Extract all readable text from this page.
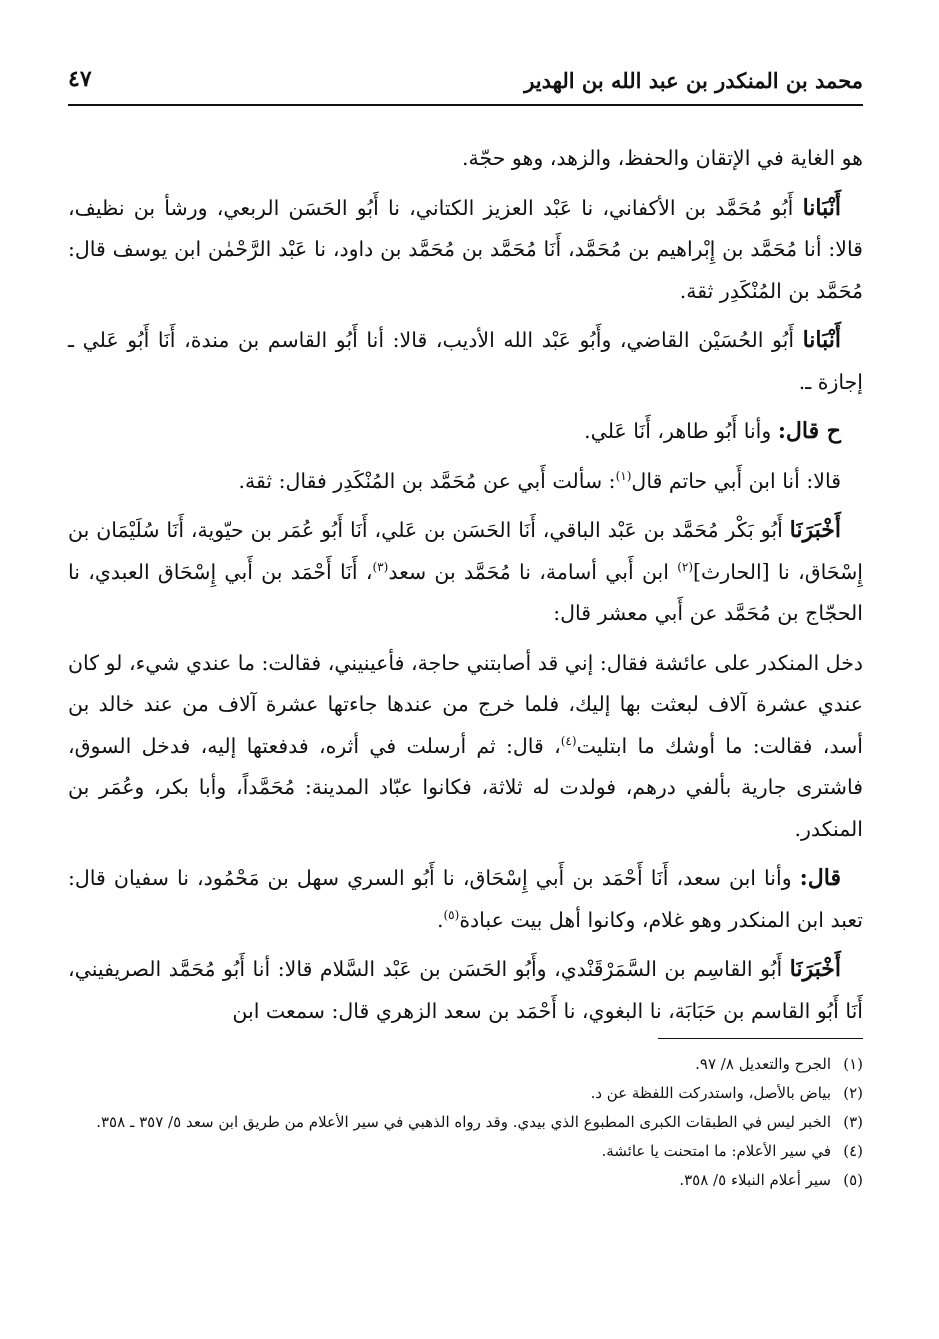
محمد بن المنكدر بن عبد الله بن الهدير
٤٧

هو الغاية في الإتقان والحفظ، والزهد، وهو حجّة.

أَنْبَانا أَبُو مُحَمَّد بن الأكفاني، نا عَبْد العزيز الكتاني، نا أَبُو الحَسَن الربعي، ورشأ بن نظيف، قالا: أنا مُحَمَّد بن إِبْراهيم بن مُحَمَّد، أَنَا مُحَمَّد بن مُحَمَّد بن داود، نا عَبْد الرَّحْمٰن ابن يوسف قال: مُحَمَّد بن المُنْكَدِر ثقة.

أَنْبَانا أَبُو الحُسَيْن القاضي، وأَبُو عَبْد الله الأديب، قالا: أنا أَبُو القاسم بن مندة، أَنَا أَبُو عَلي ـ إجازة ـ.

ح قال: وأنا أَبُو طاهر، أَنَا عَلي.

قالا: أنا ابن أَبي حاتم قال$^{(١)}$: سألت أَبي عن مُحَمَّد بن المُنْكَدِر فقال: ثقة.

أَخْبَرَنَا أَبُو بَكْر مُحَمَّد بن عَبْد الباقي، أَنَا الحَسَن بن عَلي، أَنَا أَبُو عُمَر بن حيّوية، أَنَا سُلَيْمَان بن إِسْحَاق، نا [الحارث]$^{(٢)}$ ابن أَبي أسامة، نا مُحَمَّد بن سعد$^{(٣)}$، أَنَا أَحْمَد بن أَبي إِسْحَاق العبدي، نا الحجّاج بن مُحَمَّد عن أَبي معشر قال:

دخل المنكدر على عائشة فقال: إني قد أصابتني حاجة، فأعينيني، فقالت: ما عندي شيء، لو كان عندي عشرة آلاف لبعثت بها إليك، فلما خرج من عندها جاءتها عشرة آلاف من عند خالد بن أسد، فقالت: ما أوشك ما ابتليت$^{(٤)}$، قال: ثم أرسلت في أثره، فدفعتها إليه، فدخل السوق، فاشترى جارية بألفي درهم، فولدت له ثلاثة، فكانوا عبّاد المدينة: مُحَمَّداً، وأبا بكر، وعُمَر بن المنكدر.

قال: وأنا ابن سعد، أَنَا أَحْمَد بن أَبي إِسْحَاق، نا أَبُو السري سهل بن مَحْمُود، نا سفيان قال: تعبد ابن المنكدر وهو غلام، وكانوا أهل بيت عبادة$^{(٥)}$.

أَخْبَرَنَا أَبُو القاسِم بن السَّمَرْقَنْدي، وأَبُو الحَسَن بن عَبْد السَّلام قالا: أنا أَبُو مُحَمَّد الصريفيني، أَنَا أَبُو القاسم بن حَبَابَة، نا البغوي، نا أَحْمَد بن سعد الزهري قال: سمعت ابن

(١)
الجرح والتعديل ٨/ ٩٧.
(٢)
بياض بالأصل، واستدركت اللفظة عن د.
(٣)
الخبر ليس في الطبقات الكبرى المطبوع الذي بيدي. وقد رواه الذهبي في سير الأعلام من طريق ابن سعد ٥/ ٣٥٧ ـ ٣٥٨.
(٤)
في سير الأعلام: ما امتحنت يا عائشة.
(٥)
سير أعلام النبلاء ٥/ ٣٥٨.
